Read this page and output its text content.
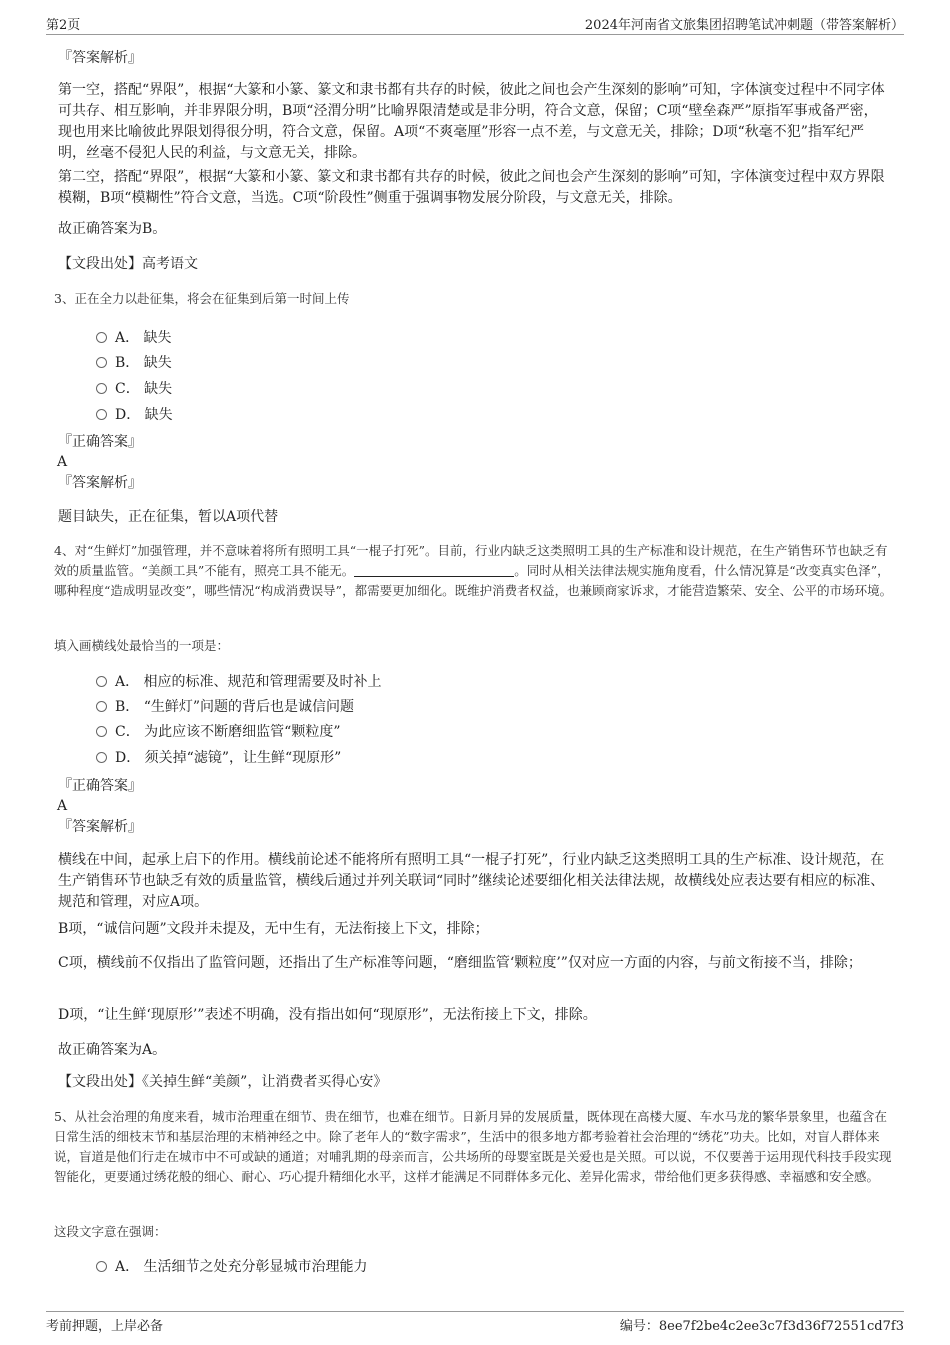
第2页	2024年河南省文旅集团招聘笔试冲刺题（带答案解析）
『答案解析』

第一空，搭配“界限”，根据“大篆和小篆、篆文和隶书都有共存的时候，彼此之间也会产生深刻的影响”可知，字体演变过程中不同字体可共存、相互影响，并非界限分明，B项“泾渭分明”比喻界限清楚或是非分明，符合文意，保留；C项“壁垒森严”原指军事戒备严密，现也用来比喻彼此界限划得很分明，符合文意，保留。A项“不爽毫厘”形容一点不差，与文意无关，排除；D项“秋毫不犯”指军纪严明，丝毫不侵犯人民的利益，与文意无关，排除。

第二空，搭配“界限”，根据“大篆和小篆、篆文和隶书都有共存的时候，彼此之间也会产生深刻的影响”可知，字体演变过程中双方界限模糊，B项“模糊性”符合文意，当选。C项“阶段性”侧重于强调事物发展分阶段，与文意无关，排除。

故正确答案为B。

【文段出处】高考语文

3、正在全力以赴征集，将会在征集到后第一时间上传

A． 缺失
B． 缺失
C． 缺失
D． 缺失
『正确答案』
A
『答案解析』

题目缺失，正在征集，暂以A项代替

4、对“生鲜灯”加强管理，并不意味着将所有照明工具“一棍子打死”。目前，行业内缺乏这类照明工具的生产标准和设计规范，在生产销售环节也缺乏有效的质量监管。“美颜工具”不能有，照亮工具不能无。	。同时从相关法律法规实施角度看，什么情况算是“改变真实色泽”，哪种程度“造成明显改变”，哪些情况“构成消费误导”，都需要更加细化。既维护消费者权益，也兼顾商家诉求，才能营造繁荣、安全、公平的市场环境。

填入画横线处最恰当的一项是：

A． 相应的标准、规范和管理需要及时补上
B． “生鲜灯”问题的背后也是诚信问题
C． 为此应该不断磨细监管“颗粒度”
D． 须关掉“滤镜”，让生鲜“现原形”
『正确答案』
A
『答案解析』

横线在中间，起承上启下的作用。横线前论述不能将所有照明工具“一棍子打死”，行业内缺乏这类照明工具的生产标准、设计规范，在生产销售环节也缺乏有效的质量监管，横线后通过并列关联词“同时”继续论述要细化相关法律法规，故横线处应表达要有相应的标准、规范和管理，对应A项。

B项，“诚信问题”文段并未提及，无中生有，无法衔接上下文，排除；

C项，横线前不仅指出了监管问题，还指出了生产标准等问题，“磨细监管‘颗粒度’”仅对应一方面的内容，与前文衔接不当，排除；

D项，“让生鲜‘现原形’”表述不明确，没有指出如何“现原形”，无法衔接上下文，排除。

故正确答案为A。

【文段出处】《关掉生鲜“美颜”，让消费者买得心安》

5、从社会治理的角度来看，城市治理重在细节、贵在细节，也难在细节。日新月异的发展质量，既体现在高楼大厦、车水马龙的繁华景象里，也蕴含在日常生活的细枝末节和基层治理的末梢神经之中。除了老年人的“数字需求”，生活中的很多地方都考验着社会治理的“绣花”功夫。比如，对盲人群体来说，盲道是他们行走在城市中不可或缺的通道；对哺乳期的母亲而言，公共场所的母婴室既是关爱也是关照。可以说，不仅要善于运用现代科技手段实现智能化，更要通过绣花般的细心、耐心、巧心提升精细化水平，这样才能满足不同群体多元化、差异化需求，带给他们更多获得感、幸福感和安全感。

这段文字意在强调：

A． 生活细节之处充分彰显城市治理能力
考前押题，上岸必备	编号：8ee7f2be4c2ee3c7f3d36f72551cd7f3
